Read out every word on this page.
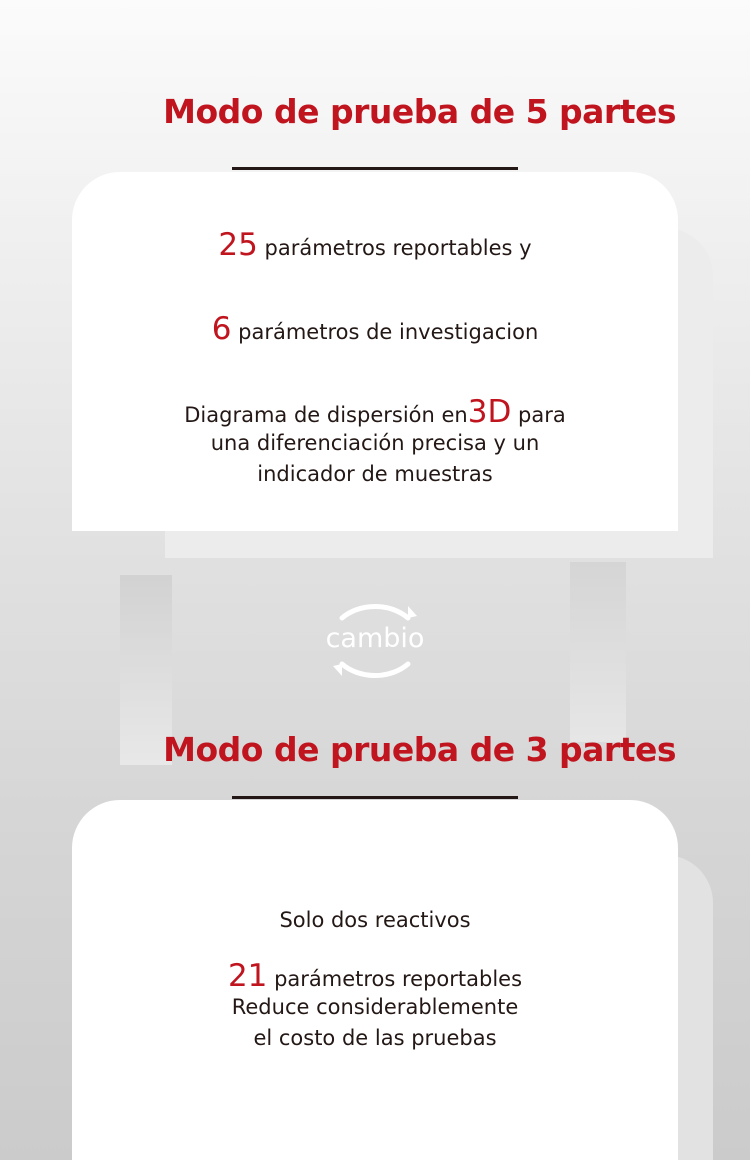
Modo de prueba de 5 partes
25 parámetros reportables y
6 parámetros de investigacion
Diagrama de dispersión en3D para
una diferenciación precisa y un
indicador de muestras
cambio
Modo de prueba de 3 partes
Solo dos reactivos
21 parámetros reportables
Reduce considerablemente
el costo de las pruebas
